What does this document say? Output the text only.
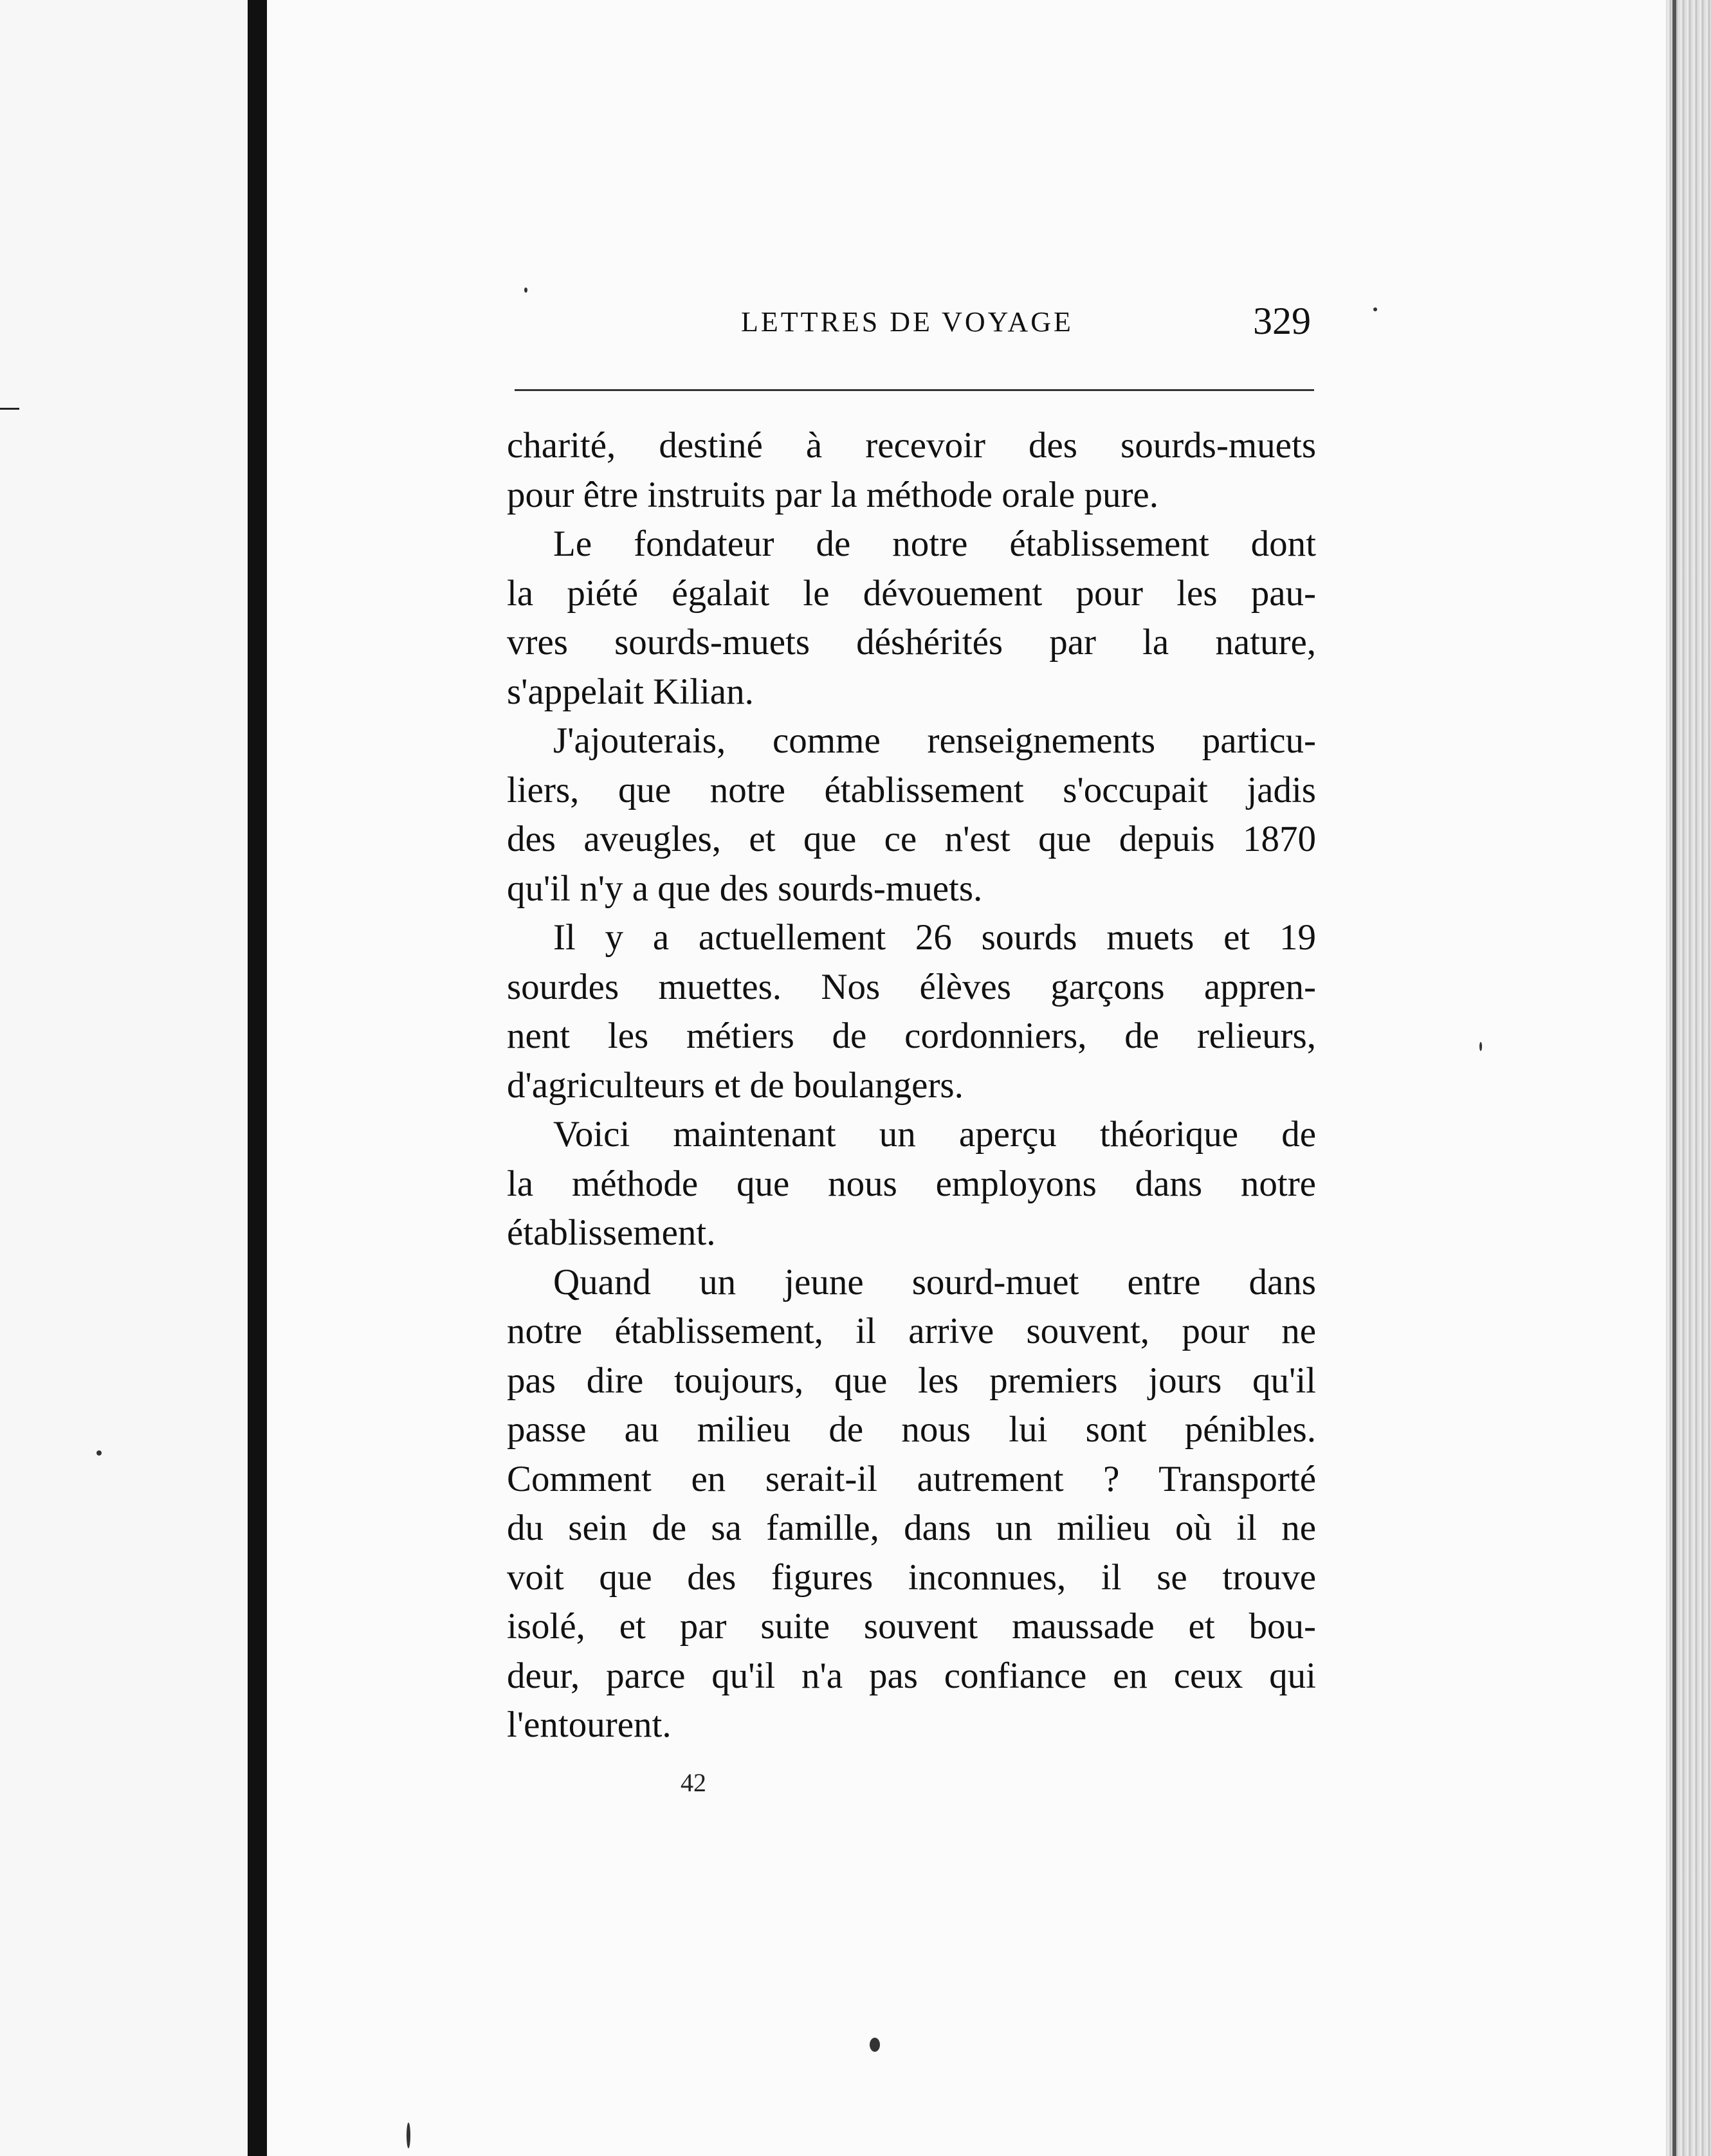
LETTRES DE VOYAGE	329
charité, destiné à recevoir des sourds-muets
pour être instruits par la méthode orale pure.
Le fondateur de notre établissement dont
la piété égalait le dévouement pour les pau-
vres sourds-muets déshérités par la nature,
s'appelait Kilian.
J'ajouterais, comme renseignements particu-
liers, que notre établissement s'occupait jadis
des aveugles, et que ce n'est que depuis 1870
qu'il n'y a que des sourds-muets.
Il y a actuellement 26 sourds muets et 19
sourdes muettes. Nos élèves garçons appren-
nent les métiers de cordonniers, de relieurs,
d'agriculteurs et de boulangers.
Voici maintenant un aperçu théorique de
la méthode que nous employons dans notre
établissement.
Quand un jeune sourd-muet entre dans
notre établissement, il arrive souvent, pour ne
pas dire toujours, que les premiers jours qu'il
passe au milieu de nous lui sont pénibles.
Comment en serait-il autrement ? Transporté
du sein de sa famille, dans un milieu où il ne
voit que des figures inconnues, il se trouve
isolé, et par suite souvent maussade et bou-
deur, parce qu'il n'a pas confiance en ceux qui
l'entourent.
42
